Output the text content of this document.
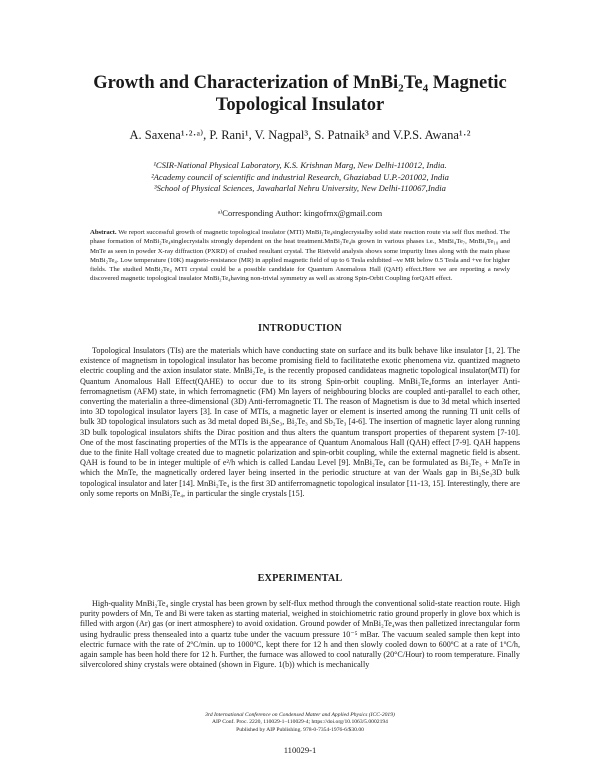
Growth and Characterization of MnBi₂Te₄ Magnetic
Topological Insulator
A. Saxena¹·²·ᵃ⁾, P. Rani¹, V. Nagpal³, S. Patnaik³ and V.P.S. Awana¹·²
¹CSIR-National Physical Laboratory, K.S. Krishnan Marg, New Delhi-110012, India.
²Academy council of scientific and industrial Research, Ghaziabad U.P.-201002, India
³School of Physical Sciences, Jawaharlal Nehru University, New Delhi-110067,India
ᵃ⁾Corresponding Author: kingofrnx@gmail.com
Abstract. We report successful growth of magnetic topological insulator (MTI) MnBi₂Te₄singlecrystalby solid state reaction route via self flux method. The phase formation of MnBi₂Te₄singlecrystalis strongly dependent on the heat treatment.MnBi₂Te₄is grown in various phases i.e., MnBi₄Te₇, MnBi₆Te₁₀ and MnTe as seen in powder X-ray diffraction (PXRD) of crushed resultant crystal. The Rietveld analysis shows some impurity lines along with the main phase MnBi₂Te₄. Low temperature (10K) magneto-resistance (MR) in applied magnetic field of up to 6 Tesla exhibited –ve MR below 0.5 Tesla and +ve for higher fields. The studied MnBi₂Te₄ MTI crystal could be a possible candidate for Quantum Anomalous Hall (QAH) effect.Here we are reporting a newly discovered magnetic topological insulator MnBi₂Te₄having non-trivial symmetry as well as strong Spin-Orbit Coupling forQAH effect.
INTRODUCTION

Topological Insulators (TIs) are the materials which have conducting state on surface and its bulk behave like insulator [1, 2]. The existence of magnetism in topological insulator has become promising field to facilitatethe exotic phenomena viz. quantized magneto electric coupling and the axion insulator state. MnBi₂Te₄ is the recently proposed candidateas magnetic topological insulator(MTI) for Quantum Anomalous Hall Effect(QAHE) to occur due to its strong Spin-orbit coupling. MnBi₂Te₄forms an interlayer Anti-ferromagnetism (AFM) state, in which ferromagnetic (FM) Mn layers of neighbouring blocks are coupled anti-parallel to each other, converting the materialin a three-dimensional (3D) Anti-ferromagnetic TI. The reason of Magnetism is due to 3d metal which inserted into 3D topological insulator layers [3]. In case of MTIs, a magnetic layer or element is inserted among the running TI unit cells of bulk 3D topological insulators such as 3d metal doped Bi₂Se₃, Bi₂Te₃ and Sb₂Te₃ [4-6]. The insertion of magnetic layer along running 3D bulk topological insulators shifts the Dirac position and thus alters the quantum transport properties of theparent system [7-10]. One of the most fascinating properties of the MTIs is the appearance of Quantum Anomalous Hall (QAH) effect [7-9]. QAH happens due to the finite Hall voltage created due to magnetic polarization and spin-orbit coupling, while the external magnetic field is absent. QAH is found to be in integer multiple of e²/h which is called Landau Level [9]. MnBi₂Te₄ can be formulated as Bi₂Te₃ + MnTe in which the MnTe, the magnetically ordered layer being inserted in the periodic structure at van der Waals gap in Bi₂Se₃3D bulk topological insulator and later [14]. MnBi₂Te₄ is the first 3D antiferromagnetic topological insulator [11-13, 15]. Interestingly, there are only some reports on MnBi₂Te₄, in particular the single crystals [15].

EXPERIMENTAL

High-quality MnBi₂Te₄ single crystal has been grown by self-flux method through the conventional solid-state reaction route. High purity powders of Mn, Te and Bi were taken as starting material, weighed in stoichiometric ratio ground properly in glove box which is filled with argon (Ar) gas (or inert atmosphere) to avoid oxidation. Ground powder of MnBi₂Te₄was then palletized inrectangular form using hydraulic press thensealed into a quartz tube under the vacuum pressure 10⁻⁵ mBar. The vacuum sealed sample then kept into electric furnace with the rate of 2ºC/min. up to 1000ºC, kept there for 12 h and then slowly cooled down to 600ºC at a rate of 1ºC/h, again sample has been hold there for 12 h. Further, the furnace was allowed to cool naturally (20°C/Hour) to room temperature. Finally silvercolored shiny crystals were obtained (shown in Figure. 1(b)) which is mechanically

3rd International Conference on Condensed Matter and Applied Physics (ICC-2019)
AIP Conf. Proc. 2220, 110029-1–110029-4; https://doi.org/10.1063/5.0002194
Published by AIP Publishing. 978-0-7354-1976-6/$30.00
110029-1
